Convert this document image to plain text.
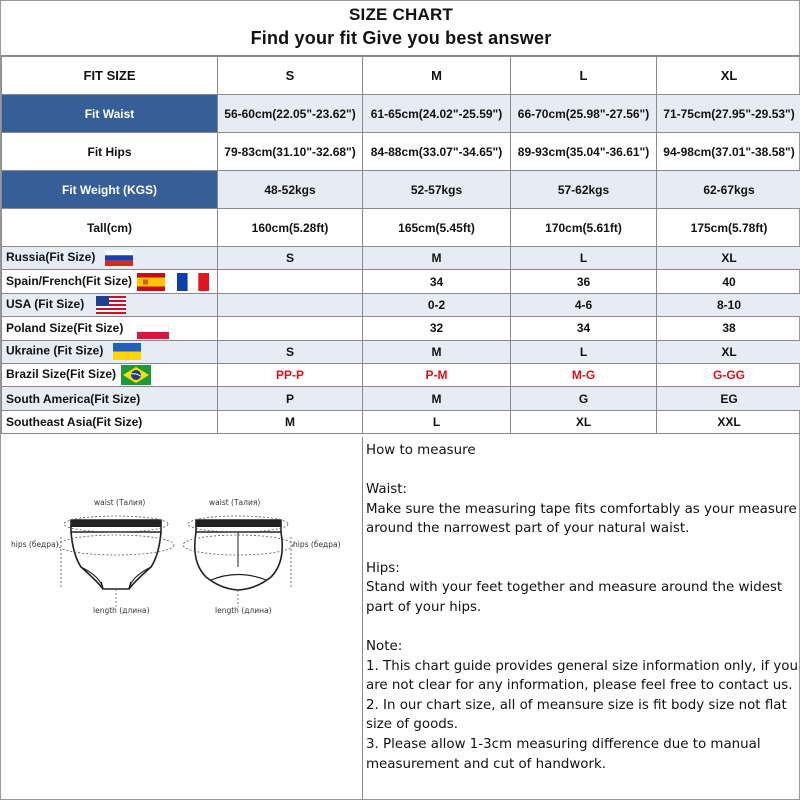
SIZE CHART
Find your fit Give you best answer
FIT SIZE	S	M	L	XL
Fit Waist	56-60cm(22.05"-23.62")	61-65cm(24.02"-25.59")	66-70cm(25.98"-27.56")	71-75cm(27.95"-29.53")
Fit Hips	79-83cm(31.10"-32.68")	84-88cm(33.07"-34.65")	89-93cm(35.04"-36.61")	94-98cm(37.01"-38.58")
Fit Weight (KGS)	48-52kgs	52-57kgs	57-62kgs	62-67kgs
Tall(cm)	160cm(5.28ft)	165cm(5.45ft)	170cm(5.61ft)	175cm(5.78ft)
Russia(Fit Size)	S	M	L	XL
Spain/French(Fit Size)		34	36	40
USA (Fit Size)		0-2	4-6	8-10
Poland Size(Fit Size)		32	34	38
Ukraine (Fit Size)	S	M	L	XL
Brazil Size(Fit Size)	PP-P	P-M	M-G	G-GG
South America(Fit Size)	P	M	G	EG
Southeast Asia(Fit Size)	M	L	XL	XXL
waist (Талия)	waist (Талия)
hips (бедра)	hips (бедра)
length (длина)	length (длина)

How to measure

Waist:

Make sure the measuring tape fits comfortably as your measure around the narrowest part of your natural waist.

Hips:

Stand with your feet together and measure around the widest part of your hips.

Note:

1. This chart guide provides general size information only, if you are not clear for any information, please feel free to contact us.

2. In our chart size, all of meansure size is fit body size not flat size of goods.

3. Please allow 1-3cm measuring difference due to manual measurement and cut of handwork.
